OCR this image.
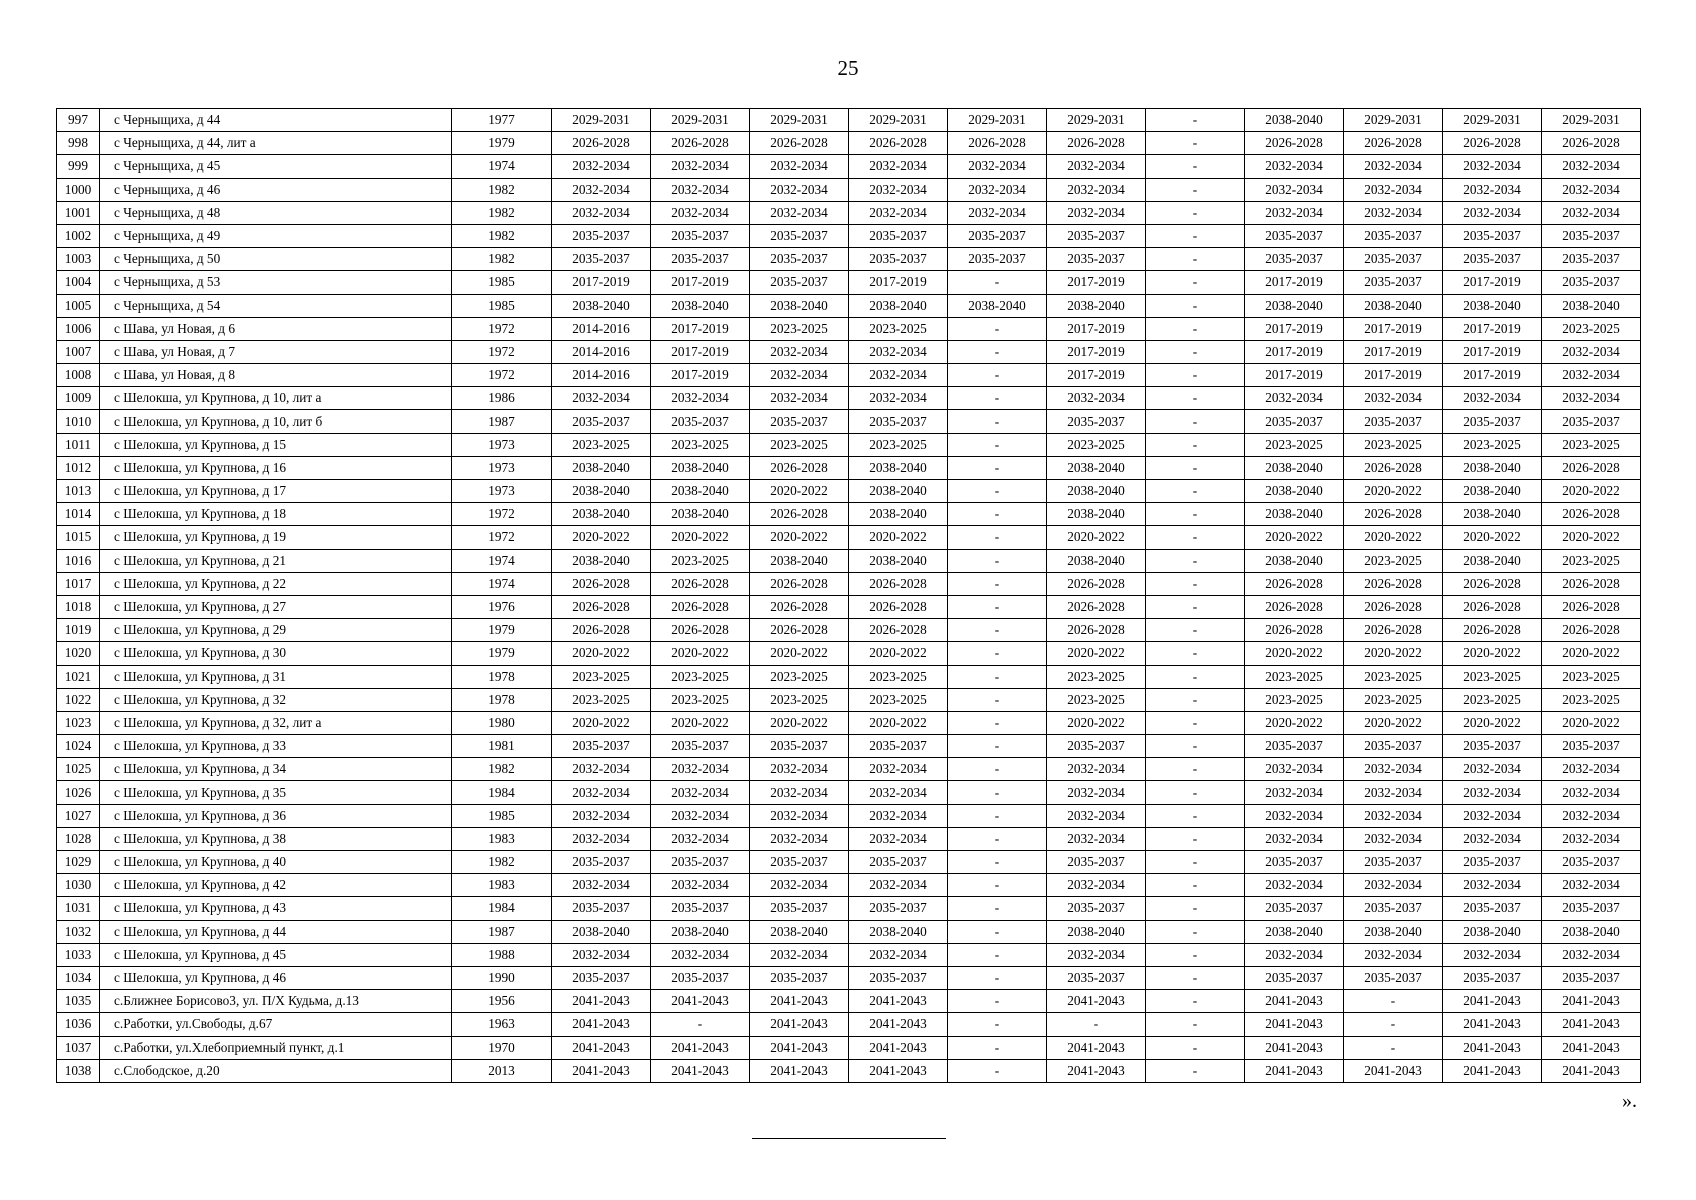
25
997	с Черныщиха, д 44	1977	2029-2031	2029-2031	2029-2031	2029-2031	2029-2031	2029-2031	-	2038-2040	2029-2031	2029-2031	2029-2031
998	с Черныщиха, д 44, лит а	1979	2026-2028	2026-2028	2026-2028	2026-2028	2026-2028	2026-2028	-	2026-2028	2026-2028	2026-2028	2026-2028
999	с Черныщиха, д 45	1974	2032-2034	2032-2034	2032-2034	2032-2034	2032-2034	2032-2034	-	2032-2034	2032-2034	2032-2034	2032-2034
1000	с Черныщиха, д 46	1982	2032-2034	2032-2034	2032-2034	2032-2034	2032-2034	2032-2034	-	2032-2034	2032-2034	2032-2034	2032-2034
1001	с Черныщиха, д 48	1982	2032-2034	2032-2034	2032-2034	2032-2034	2032-2034	2032-2034	-	2032-2034	2032-2034	2032-2034	2032-2034
1002	с Черныщиха, д 49	1982	2035-2037	2035-2037	2035-2037	2035-2037	2035-2037	2035-2037	-	2035-2037	2035-2037	2035-2037	2035-2037
1003	с Черныщиха, д 50	1982	2035-2037	2035-2037	2035-2037	2035-2037	2035-2037	2035-2037	-	2035-2037	2035-2037	2035-2037	2035-2037
1004	с Черныщиха, д 53	1985	2017-2019	2017-2019	2035-2037	2017-2019	-	2017-2019	-	2017-2019	2035-2037	2017-2019	2035-2037
1005	с Черныщиха, д 54	1985	2038-2040	2038-2040	2038-2040	2038-2040	2038-2040	2038-2040	-	2038-2040	2038-2040	2038-2040	2038-2040
1006	с Шава, ул Новая, д 6	1972	2014-2016	2017-2019	2023-2025	2023-2025	-	2017-2019	-	2017-2019	2017-2019	2017-2019	2023-2025
1007	с Шава, ул Новая, д 7	1972	2014-2016	2017-2019	2032-2034	2032-2034	-	2017-2019	-	2017-2019	2017-2019	2017-2019	2032-2034
1008	с Шава, ул Новая, д 8	1972	2014-2016	2017-2019	2032-2034	2032-2034	-	2017-2019	-	2017-2019	2017-2019	2017-2019	2032-2034
1009	с Шелокша, ул Крупнова, д 10, лит а	1986	2032-2034	2032-2034	2032-2034	2032-2034	-	2032-2034	-	2032-2034	2032-2034	2032-2034	2032-2034
1010	с Шелокша, ул Крупнова, д 10, лит б	1987	2035-2037	2035-2037	2035-2037	2035-2037	-	2035-2037	-	2035-2037	2035-2037	2035-2037	2035-2037
1011	с Шелокша, ул Крупнова, д 15	1973	2023-2025	2023-2025	2023-2025	2023-2025	-	2023-2025	-	2023-2025	2023-2025	2023-2025	2023-2025
1012	с Шелокша, ул Крупнова, д 16	1973	2038-2040	2038-2040	2026-2028	2038-2040	-	2038-2040	-	2038-2040	2026-2028	2038-2040	2026-2028
1013	с Шелокша, ул Крупнова, д 17	1973	2038-2040	2038-2040	2020-2022	2038-2040	-	2038-2040	-	2038-2040	2020-2022	2038-2040	2020-2022
1014	с Шелокша, ул Крупнова, д 18	1972	2038-2040	2038-2040	2026-2028	2038-2040	-	2038-2040	-	2038-2040	2026-2028	2038-2040	2026-2028
1015	с Шелокша, ул Крупнова, д 19	1972	2020-2022	2020-2022	2020-2022	2020-2022	-	2020-2022	-	2020-2022	2020-2022	2020-2022	2020-2022
1016	с Шелокша, ул Крупнова, д 21	1974	2038-2040	2023-2025	2038-2040	2038-2040	-	2038-2040	-	2038-2040	2023-2025	2038-2040	2023-2025
1017	с Шелокша, ул Крупнова, д 22	1974	2026-2028	2026-2028	2026-2028	2026-2028	-	2026-2028	-	2026-2028	2026-2028	2026-2028	2026-2028
1018	с Шелокша, ул Крупнова, д 27	1976	2026-2028	2026-2028	2026-2028	2026-2028	-	2026-2028	-	2026-2028	2026-2028	2026-2028	2026-2028
1019	с Шелокша, ул Крупнова, д 29	1979	2026-2028	2026-2028	2026-2028	2026-2028	-	2026-2028	-	2026-2028	2026-2028	2026-2028	2026-2028
1020	с Шелокша, ул Крупнова, д 30	1979	2020-2022	2020-2022	2020-2022	2020-2022	-	2020-2022	-	2020-2022	2020-2022	2020-2022	2020-2022
1021	с Шелокша, ул Крупнова, д 31	1978	2023-2025	2023-2025	2023-2025	2023-2025	-	2023-2025	-	2023-2025	2023-2025	2023-2025	2023-2025
1022	с Шелокша, ул Крупнова, д 32	1978	2023-2025	2023-2025	2023-2025	2023-2025	-	2023-2025	-	2023-2025	2023-2025	2023-2025	2023-2025
1023	с Шелокша, ул Крупнова, д 32, лит а	1980	2020-2022	2020-2022	2020-2022	2020-2022	-	2020-2022	-	2020-2022	2020-2022	2020-2022	2020-2022
1024	с Шелокша, ул Крупнова, д 33	1981	2035-2037	2035-2037	2035-2037	2035-2037	-	2035-2037	-	2035-2037	2035-2037	2035-2037	2035-2037
1025	с Шелокша, ул Крупнова, д 34	1982	2032-2034	2032-2034	2032-2034	2032-2034	-	2032-2034	-	2032-2034	2032-2034	2032-2034	2032-2034
1026	с Шелокша, ул Крупнова, д 35	1984	2032-2034	2032-2034	2032-2034	2032-2034	-	2032-2034	-	2032-2034	2032-2034	2032-2034	2032-2034
1027	с Шелокша, ул Крупнова, д 36	1985	2032-2034	2032-2034	2032-2034	2032-2034	-	2032-2034	-	2032-2034	2032-2034	2032-2034	2032-2034
1028	с Шелокша, ул Крупнова, д 38	1983	2032-2034	2032-2034	2032-2034	2032-2034	-	2032-2034	-	2032-2034	2032-2034	2032-2034	2032-2034
1029	с Шелокша, ул Крупнова, д 40	1982	2035-2037	2035-2037	2035-2037	2035-2037	-	2035-2037	-	2035-2037	2035-2037	2035-2037	2035-2037
1030	с Шелокша, ул Крупнова, д 42	1983	2032-2034	2032-2034	2032-2034	2032-2034	-	2032-2034	-	2032-2034	2032-2034	2032-2034	2032-2034
1031	с Шелокша, ул Крупнова, д 43	1984	2035-2037	2035-2037	2035-2037	2035-2037	-	2035-2037	-	2035-2037	2035-2037	2035-2037	2035-2037
1032	с Шелокша, ул Крупнова, д 44	1987	2038-2040	2038-2040	2038-2040	2038-2040	-	2038-2040	-	2038-2040	2038-2040	2038-2040	2038-2040
1033	с Шелокша, ул Крупнова, д 45	1988	2032-2034	2032-2034	2032-2034	2032-2034	-	2032-2034	-	2032-2034	2032-2034	2032-2034	2032-2034
1034	с Шелокша, ул Крупнова, д 46	1990	2035-2037	2035-2037	2035-2037	2035-2037	-	2035-2037	-	2035-2037	2035-2037	2035-2037	2035-2037
1035	с.Ближнее Борисово3, ул. П/Х Кудьма, д.13	1956	2041-2043	2041-2043	2041-2043	2041-2043	-	2041-2043	-	2041-2043	-	2041-2043	2041-2043
1036	с.Работки, ул.Свободы, д.67	1963	2041-2043	-	2041-2043	2041-2043	-	-	-	2041-2043	-	2041-2043	2041-2043
1037	с.Работки, ул.Хлебоприемный пункт, д.1	1970	2041-2043	2041-2043	2041-2043	2041-2043	-	2041-2043	-	2041-2043	-	2041-2043	2041-2043
1038	с.Слободское, д.20	2013	2041-2043	2041-2043	2041-2043	2041-2043	-	2041-2043	-	2041-2043	2041-2043	2041-2043	2041-2043
».
